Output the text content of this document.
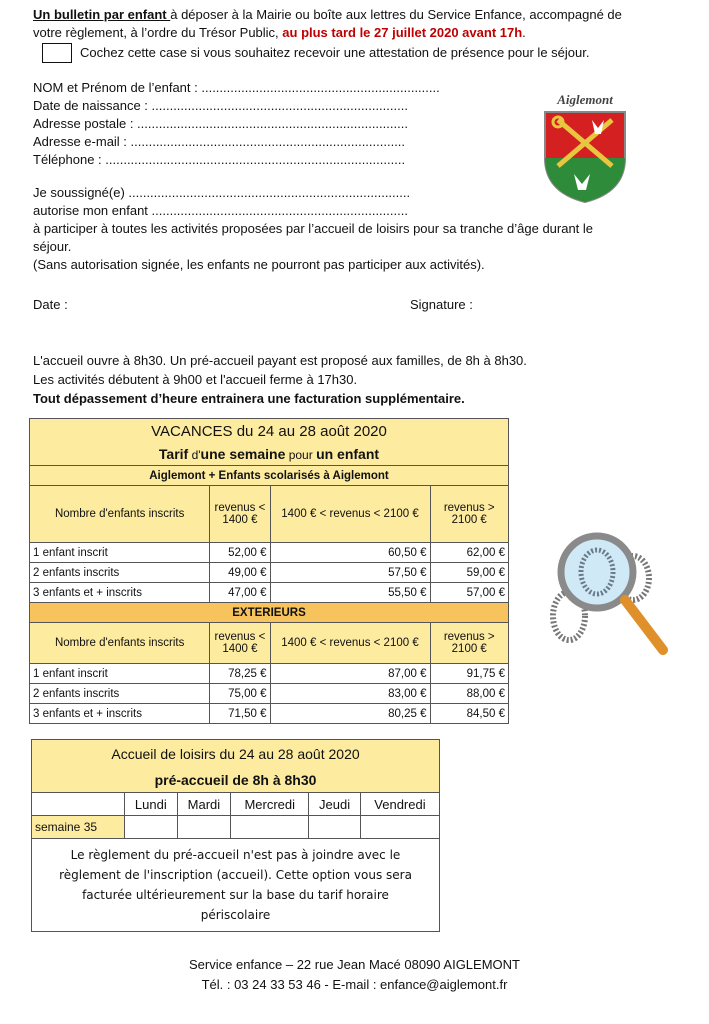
Un bulletin par enfant à déposer à la Mairie ou boîte aux lettres du Service Enfance, accompagné de
votre règlement, à l’ordre du Trésor Public, au plus tard le 27 juillet 2020 avant 17h.
Cochez cette case si vous souhaitez recevoir une attestation de présence pour le séjour.
NOM et Prénom de l’enfant : ..................................................................
Date de naissance : .......................................................................
Adresse postale : ...........................................................................
Adresse e-mail : ............................................................................
Téléphone : ...................................................................................
Je soussigné(e) ..............................................................................
autorise mon enfant .......................................................................
à participer à toutes les activités proposées par l’accueil de loisirs pour sa tranche d’âge durant le
séjour.
(Sans autorisation signée, les enfants ne pourront pas participer aux activités).
Date :	Signature :
Aiglemont
L'accueil ouvre à 8h30. Un pré-accueil payant est proposé aux familles, de 8h à 8h30.
Les activités débutent à 9h00 et l'accueil ferme à 17h30.
Tout dépassement d’heure entrainera une facturation supplémentaire.
VACANCES du 24 au 28 août 2020			
Tarif d'une semaine pour un enfant			
Aiglemont + Enfants scolarisés à Aiglemont			
Nombre d'enfants inscrits	revenus < 1400 €	1400 € < revenus < 2100 €	revenus > 2100 €
1 enfant inscrit	52,00 €	60,50 €	62,00 €
2 enfants inscrits	49,00 €	57,50 €	59,00 €
3 enfants et + inscrits	47,00 €	55,50 €	57,00 €
EXTERIEURS			
Nombre d'enfants inscrits	revenus < 1400 €	1400 € < revenus < 2100 €	revenus > 2100 €
1 enfant inscrit	78,25 €	87,00 €	91,75 €
2 enfants inscrits	75,00 €	83,00 €	88,00 €
3 enfants et + inscrits	71,50 €	80,25 €	84,50 €
Accueil de loisirs du 24 au 28 août 2020					
pré-accueil de 8h à 8h30					
	Lundi	Mardi	Mercredi	Jeudi	Vendredi
semaine 35					
Le règlement du pré-accueil n'est pas à joindre avec le règlement de l'inscription (accueil). Cette option vous sera facturée ultérieurement sur la base du tarif horaire périscolaire					
Service enfance – 22 rue Jean Macé 08090 AIGLEMONT
Tél. : 03 24 33 53 46 - E-mail : enfance@aiglemont.fr
